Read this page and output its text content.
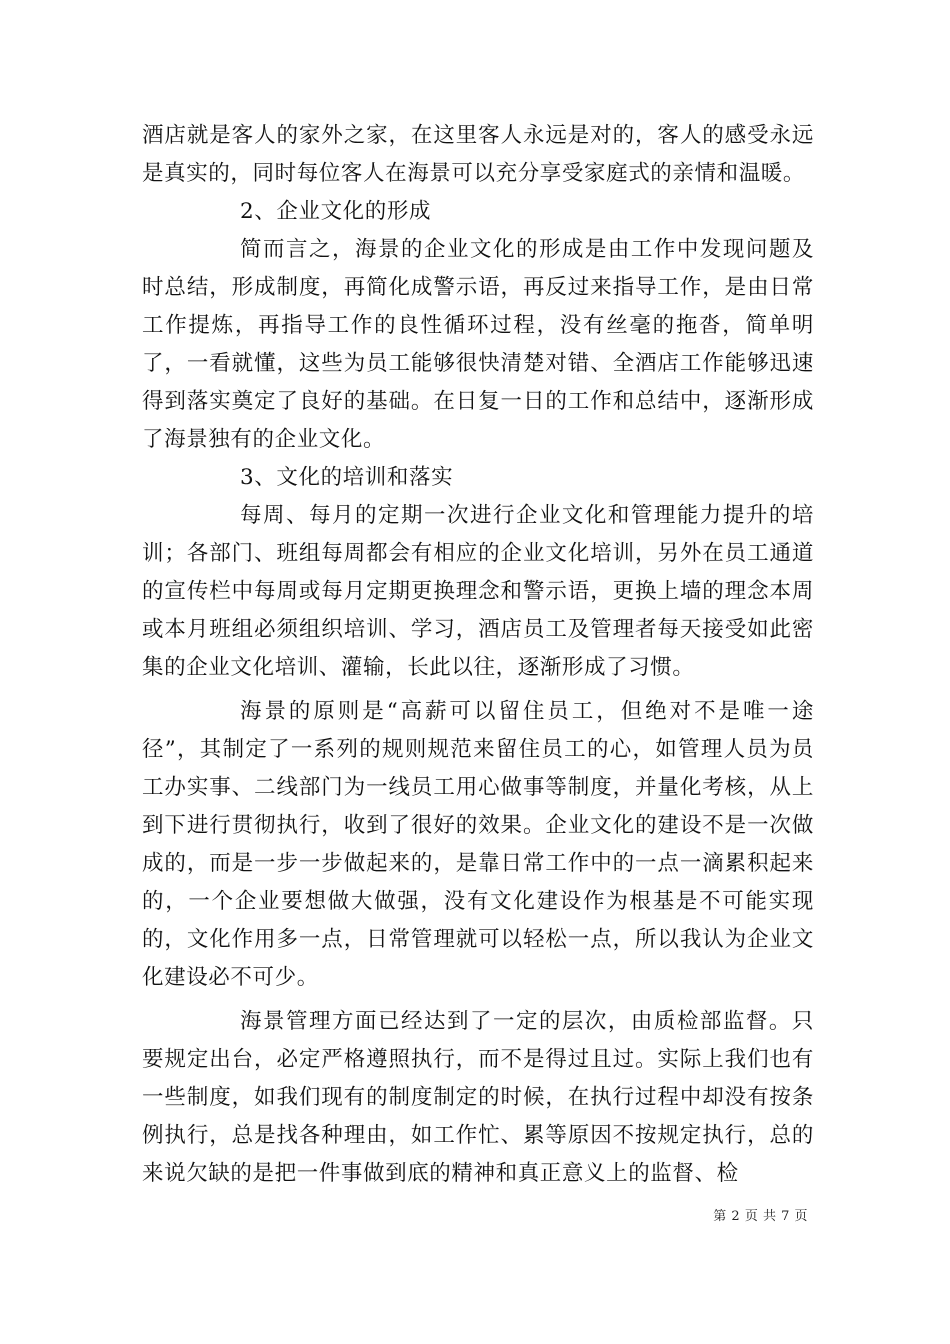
酒店就是客人的家外之家，在这里客人永远是对的，客人的感受永远是真实的，同时每位客人在海景可以充分享受家庭式的亲情和温暖。

2、企业文化的形成

简而言之，海景的企业文化的形成是由工作中发现问题及时总结，形成制度，再简化成警示语，再反过来指导工作，是由日常工作提炼，再指导工作的良性循环过程，没有丝毫的拖沓，简单明了，一看就懂，这些为员工能够很快清楚对错、全酒店工作能够迅速得到落实奠定了良好的基础。在日复一日的工作和总结中，逐渐形成了海景独有的企业文化。

3、文化的培训和落实

每周、每月的定期一次进行企业文化和管理能力提升的培训；各部门、班组每周都会有相应的企业文化培训，另外在员工通道的宣传栏中每周或每月定期更换理念和警示语，更换上墙的理念本周或本月班组必须组织培训、学习，酒店员工及管理者每天接受如此密集的企业文化培训、灌输，长此以往，逐渐形成了习惯。

海景的原则是“高薪可以留住员工，但绝对不是唯一途径”，其制定了一系列的规则规范来留住员工的心，如管理人员为员工办实事、二线部门为一线员工用心做事等制度，并量化考核，从上到下进行贯彻执行，收到了很好的效果。企业文化的建设不是一次做成的，而是一步一步做起来的，是靠日常工作中的一点一滴累积起来的，一个企业要想做大做强，没有文化建设作为根基是不可能实现的，文化作用多一点，日常管理就可以轻松一点，所以我认为企业文化建设必不可少。

海景管理方面已经达到了一定的层次，由质检部监督。只要规定出台，必定严格遵照执行，而不是得过且过。实际上我们也有一些制度，如我们现有的制度制定的时候，在执行过程中却没有按条例执行，总是找各种理由，如工作忙、累等原因不按规定执行，总的来说欠缺的是把一件事做到底的精神和真正意义上的监督、检

第 2 页 共 7 页
